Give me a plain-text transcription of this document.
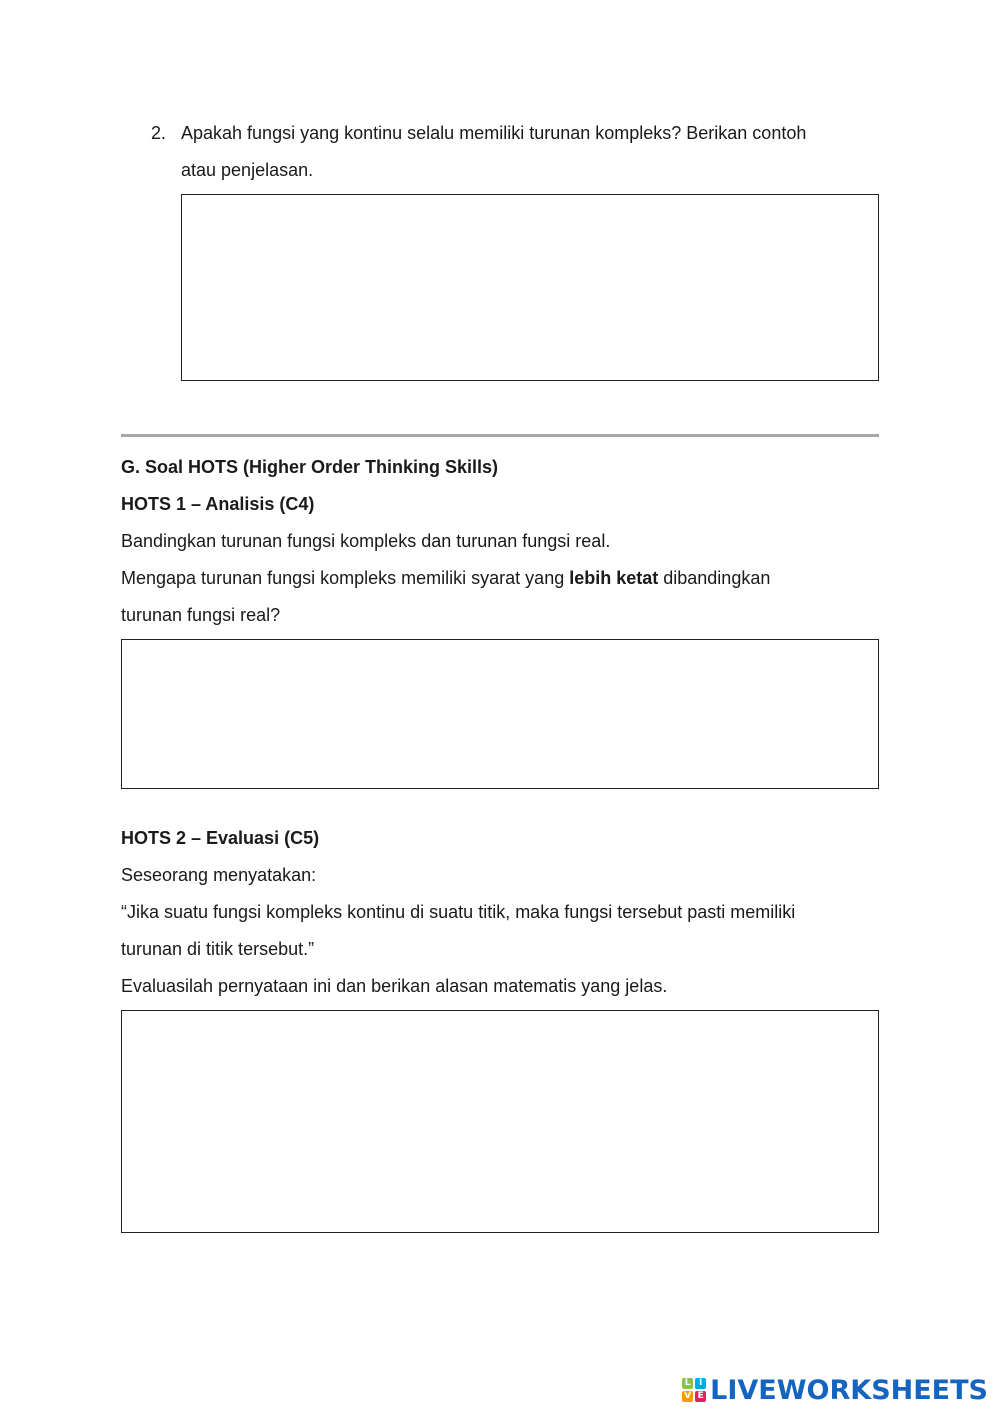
2. Apakah fungsi yang kontinu selalu memiliki turunan kompleks? Berikan contoh
atau penjelasan.
G. Soal HOTS (Higher Order Thinking Skills)
HOTS 1 – Analisis (C4)
Bandingkan turunan fungsi kompleks dan turunan fungsi real.
Mengapa turunan fungsi kompleks memiliki syarat yang lebih ketat dibandingkan
turunan fungsi real?
HOTS 2 – Evaluasi (C5)
Seseorang menyatakan:
“Jika suatu fungsi kompleks kontinu di suatu titik, maka fungsi tersebut pasti memiliki
turunan di titik tersebut.”
Evaluasilah pernyataan ini dan berikan alasan matematis yang jelas.
L I
V E LIVEWORKSHEETS
